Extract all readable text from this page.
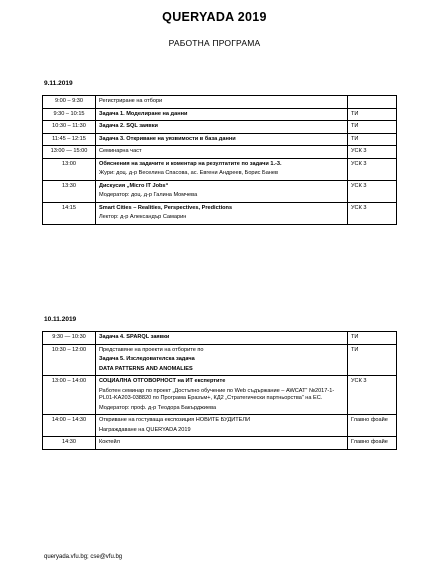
QUERYADA 2019
РАБОТНА ПРОГРАМА
9.11.2019
9:00 – 9:30	Регистриране на отбори	

9:30 – 10:15	Задача 1. Моделиране на данни	ТИ
10:30 – 11:30	Задача 2. SQL заявки	ТИ
11:45 – 12:15	Задача 3. Откриване на уязвимости в база данни	ТИ
13:00 — 15:00	Семинарна част	УСК 3
13:00	Обяснения на задачите и коментар на резултатите по задачи 1.-3.
Жури: доц. д-р Веселина Спасова, ас. Евгени Андреев, Борис Банев	УСК 3
13:30	Дискусия „Micro IT Jobs“
Модератор: доц. д-р Галина Момчева	УСК 3
14:15	Smart Cities – Realities, Perspectives, Predictions
Лектор: д-р Александър Самарин	УСК 3
10.11.2019
9:30 — 10:30	Задача 4. SPARQL заявки	ТИ
10:30 – 12:00	Представяне на проекти на отборите по
Задача 5. Изследователска задача
DATA PATTERNS AND ANOMALIES	ТИ
13:00 – 14:00	СОЦИАЛНА ОТГОВОРНОСТ на ИТ експертите
Работен семинар по проект „Достъпно обучение по Web съдържание – AWCAT“ №2017-1-PL01-KA203-038820 по Програма Еразъм+, КД2 „Стратегически партньорства“ на ЕС.
Модератор: проф. д-р Теодора Бакърджиева	УСК 3
14:00 – 14:30	Откриване на гостуваща експозиция НОВИТЕ БУДИТЕЛИ
Награждаване на QUERYADA 2019	Главно фоайе
14:30	Коктейл	Главно фоайе
queryada.vfu.bg; cse@vfu.bg
